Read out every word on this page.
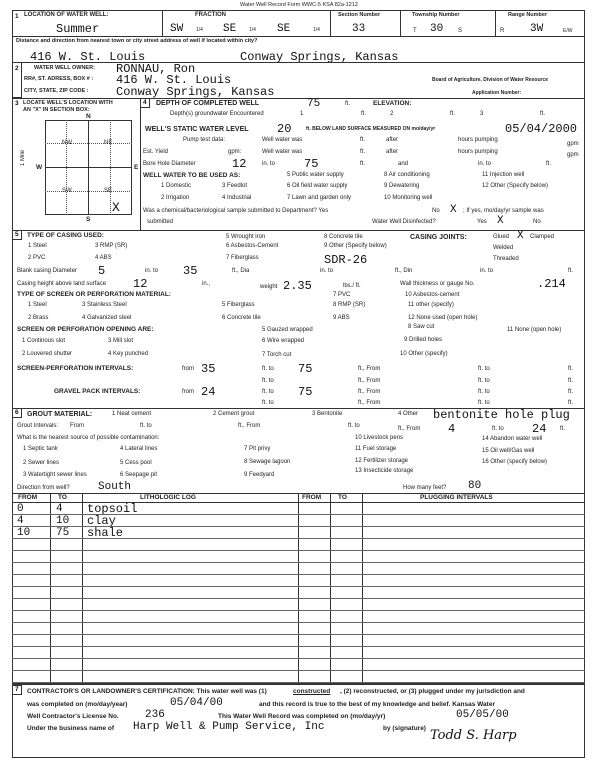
Water Well Record Form WWC-5 KSA 82a-1212
1 LOCATION OF WATER WELL:
Summer
FRACTION
SW	1/4 SE	1/4 SE	1/4
Section Number
33
Township Number
T 30 S
Range Number
R 3W	E/W
Distance and direction from nearest town or city street address of well if located within city?
416 W. St. Louis	Conway Springs, Kansas
2	WATER WELL OWNER: RONNAU, Ron
RR#, ST. ADRESS, BOX # : 416 W. St. Louis
CITY, STATE, ZIP CODE : Conway Springs, Kansas
Board of Agriculture, Division of Water Resource
Application Number:
3 LOCATE WELL'S LOCATION WITH
AN "X" IN SECTION BOX:
N
S
W	E
1 Mile
NW	NE
SW	SE
X
4 DEPTH OF COMPLETED WELL	75	ft.	ELEVATION:
Depth(s) groundwater Encountered	1	ft.	2	ft.	3	ft.
WELL'S STATIC WATER LEVEL 20	ft. BELOW LAND SURFACE MEASURED ON mo/day/yr	05/04/2000
Pump test data:	Well water was	ft.	after	hours pumping
gpm
Est. Yield	gpm:	Well water was	ft.	after	hours pumping	gpm
Bore Hole Diameter	12	in. to 75	ft.	and	in. to	ft.
WELL WATER TO BE USED AS:
1 Domestic	3 Feedlot
5 Public water supply	8 Air conditioning	11 Injection well
2 Irrigation	4 Industrial
6 Oil field water supply	9 Dewatering	12 Other (Specify below)
7 Lawn and garden only	10 Monitoring well
Was a chemical/bacteriological sample submitted to Department? Yes	No X ; If yes, mo/day/yr sample was
submitted	Water Well Disinfected?	Yes X	No
5 TYPE OF CASING USED:
1 Steel	3 RMP (SR)
5 Wrought iron	8 Concrete tile
2 PVC	4 ABS
6 Asbestos-Cement	9 Other (Specify below)
7 Fiberglass	SDR-26
CASING JOINTS:	Glued X Clamped
Welded
Threaded
Blank casing Diameter 5	in. to 35	ft., Dia	in. to	ft., Din	in. to	ft.
Casing height above land surface 12	in.,	weight 2.35	lbs./ ft.	Wall thickness or gauge No.	.214
TYPE OF SCREEN OR PERFORATION MATERIAL:
1 Steel	3 Stainless Steel	5 Fiberglass
7 PVC	10 Asbestos-cement
8 RMP (SR)	11 other (specify)
2 Brass	4 Galvanized steel	6 Concrete tile	9 ABS	12 None used (open hole)
SCREEN OR PERFORATION OPENING ARE:	5 Gauzed wrapped	8 Saw cut	11 None (open hole)
1 Continous slot	3 Mill slot	6 Wire wrapped	9 Drilled holes
2 Louvered shutter	4 Key punched	7 Torch cut	10 Other (specify)
SCREEN-PERFORATION INTERVALS:	from 35	ft. to 75	ft., From	ft. to	ft.
ft. to	ft., From	ft. to	ft.
GRAVEL PACK INTERVALS:	from 24	ft. to 75	ft., From	ft. to	ft.
ft. to	ft., From	ft. to	ft.
6 GROUT MATERIAL:	1 Neat cement	2 Cement grout	3 Bentonite	4 Other bentonite hole plug
Grout Intervals: From	ft. to	ft., From	ft. to	ft., From 4	ft. to 24 ft.
What is the nearest source of possible contamination:
1 Septic tank	4 Lateral lines	7 Pit privy
10 Livestock pens	14 Abandon water well
2 Sewer lines	5 Cess pool	8 Sewage lagoon
11 Fuel storage	15 Oil well/Gas well
3 Watertight sewer lines	6 Seepage pit	9 Feedyard
12 Fertilizer storage	16 Other (specify below)
13 Insecticide storage
Direction from well?	South	How many feet? 80
FROM	TO	LITHOLOGIC LOG	FROM	TO	PLUGGING INTERVALS
0	4 topsoil
4	10 clay
10 75 shale
7 CONTRACTOR'S OR LANDOWNER'S CERTIFICATION: This water well was (1)	constructed , (2) reconstructed, or (3) plugged under my jurisdiction and
was completed on (mo/day/year)	05/04/00	and this record is true to the best of my knowledge and belief. Kansas Water
Well Contractor's License No. 236	This Water Well Record was completed on (mo/day/yr)	05/05/00
Under the business name of Harp Well & Pump Service, Inc	by (signature) Todd S. Harp
